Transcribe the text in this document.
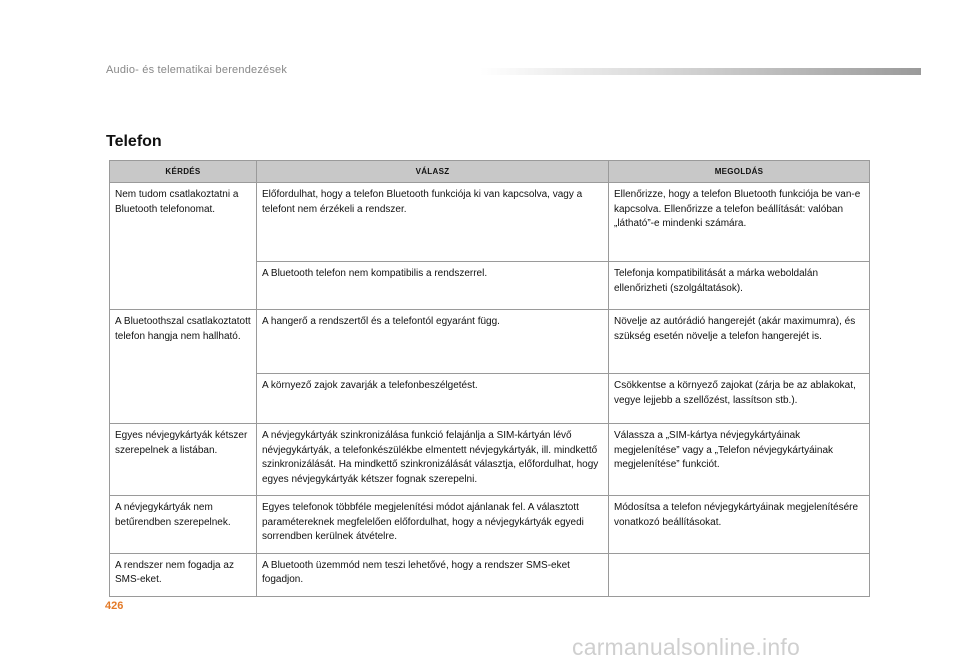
Audio- és telematikai berendezések
Telefon
KÉRDÉS	VÁLASZ	MEGOLDÁS
Nem tudom csatlakoztatni a Bluetooth telefonomat.	Előfordulhat, hogy a telefon Bluetooth funkciója ki van kapcsolva, vagy a telefont nem érzékeli a rendszer.	Ellenőrizze, hogy a telefon Bluetooth funkciója be van-e kapcsolva. Ellenőrizze a telefon beállítását: valóban „látható”-e mindenki számára.
	A Bluetooth telefon nem kompatibilis a rendszerrel.	Telefonja kompatibilitását a márka weboldalán ellenőrizheti (szolgáltatások).
A Bluetoothszal csatlakoztatott telefon hangja nem hallható.	A hangerő a rendszertől és a telefontól egyaránt függ.	Növelje az autórádió hangerejét (akár maximumra), és szükség esetén növelje a telefon hangerejét is.
	A környező zajok zavarják a telefonbeszélgetést.	Csökkentse a környező zajokat (zárja be az ablakokat, vegye lejjebb a szellőzést, lassítson stb.).
Egyes névjegykártyák kétszer szerepelnek a listában.	A névjegykártyák szinkronizálása funkció felajánlja a SIM-kártyán lévő névjegykártyák, a telefonkészülékbe elmentett névjegykártyák, ill. mindkettő szinkronizálását. Ha mindkettő szinkronizálását választja, előfordulhat, hogy egyes névjegykártyák kétszer fognak szerepelni.	Válassza a „SIM-kártya névjegykártyáinak megjelenítése” vagy a „Telefon névjegykártyáinak megjelenítése” funkciót.
A névjegykártyák nem betűrendben szerepelnek.	Egyes telefonok többféle megjelenítési módot ajánlanak fel. A választott paramétereknek megfelelően előfordulhat, hogy a névjegykártyák egyedi sorrendben kerülnek átvételre.	Módosítsa a telefon névjegykártyáinak megjelenítésére vonatkozó beállításokat.
A rendszer nem fogadja az SMS-eket.	A Bluetooth üzemmód nem teszi lehetővé, hogy a rendszer SMS-eket fogadjon.	
426
carmanualsonline.info
